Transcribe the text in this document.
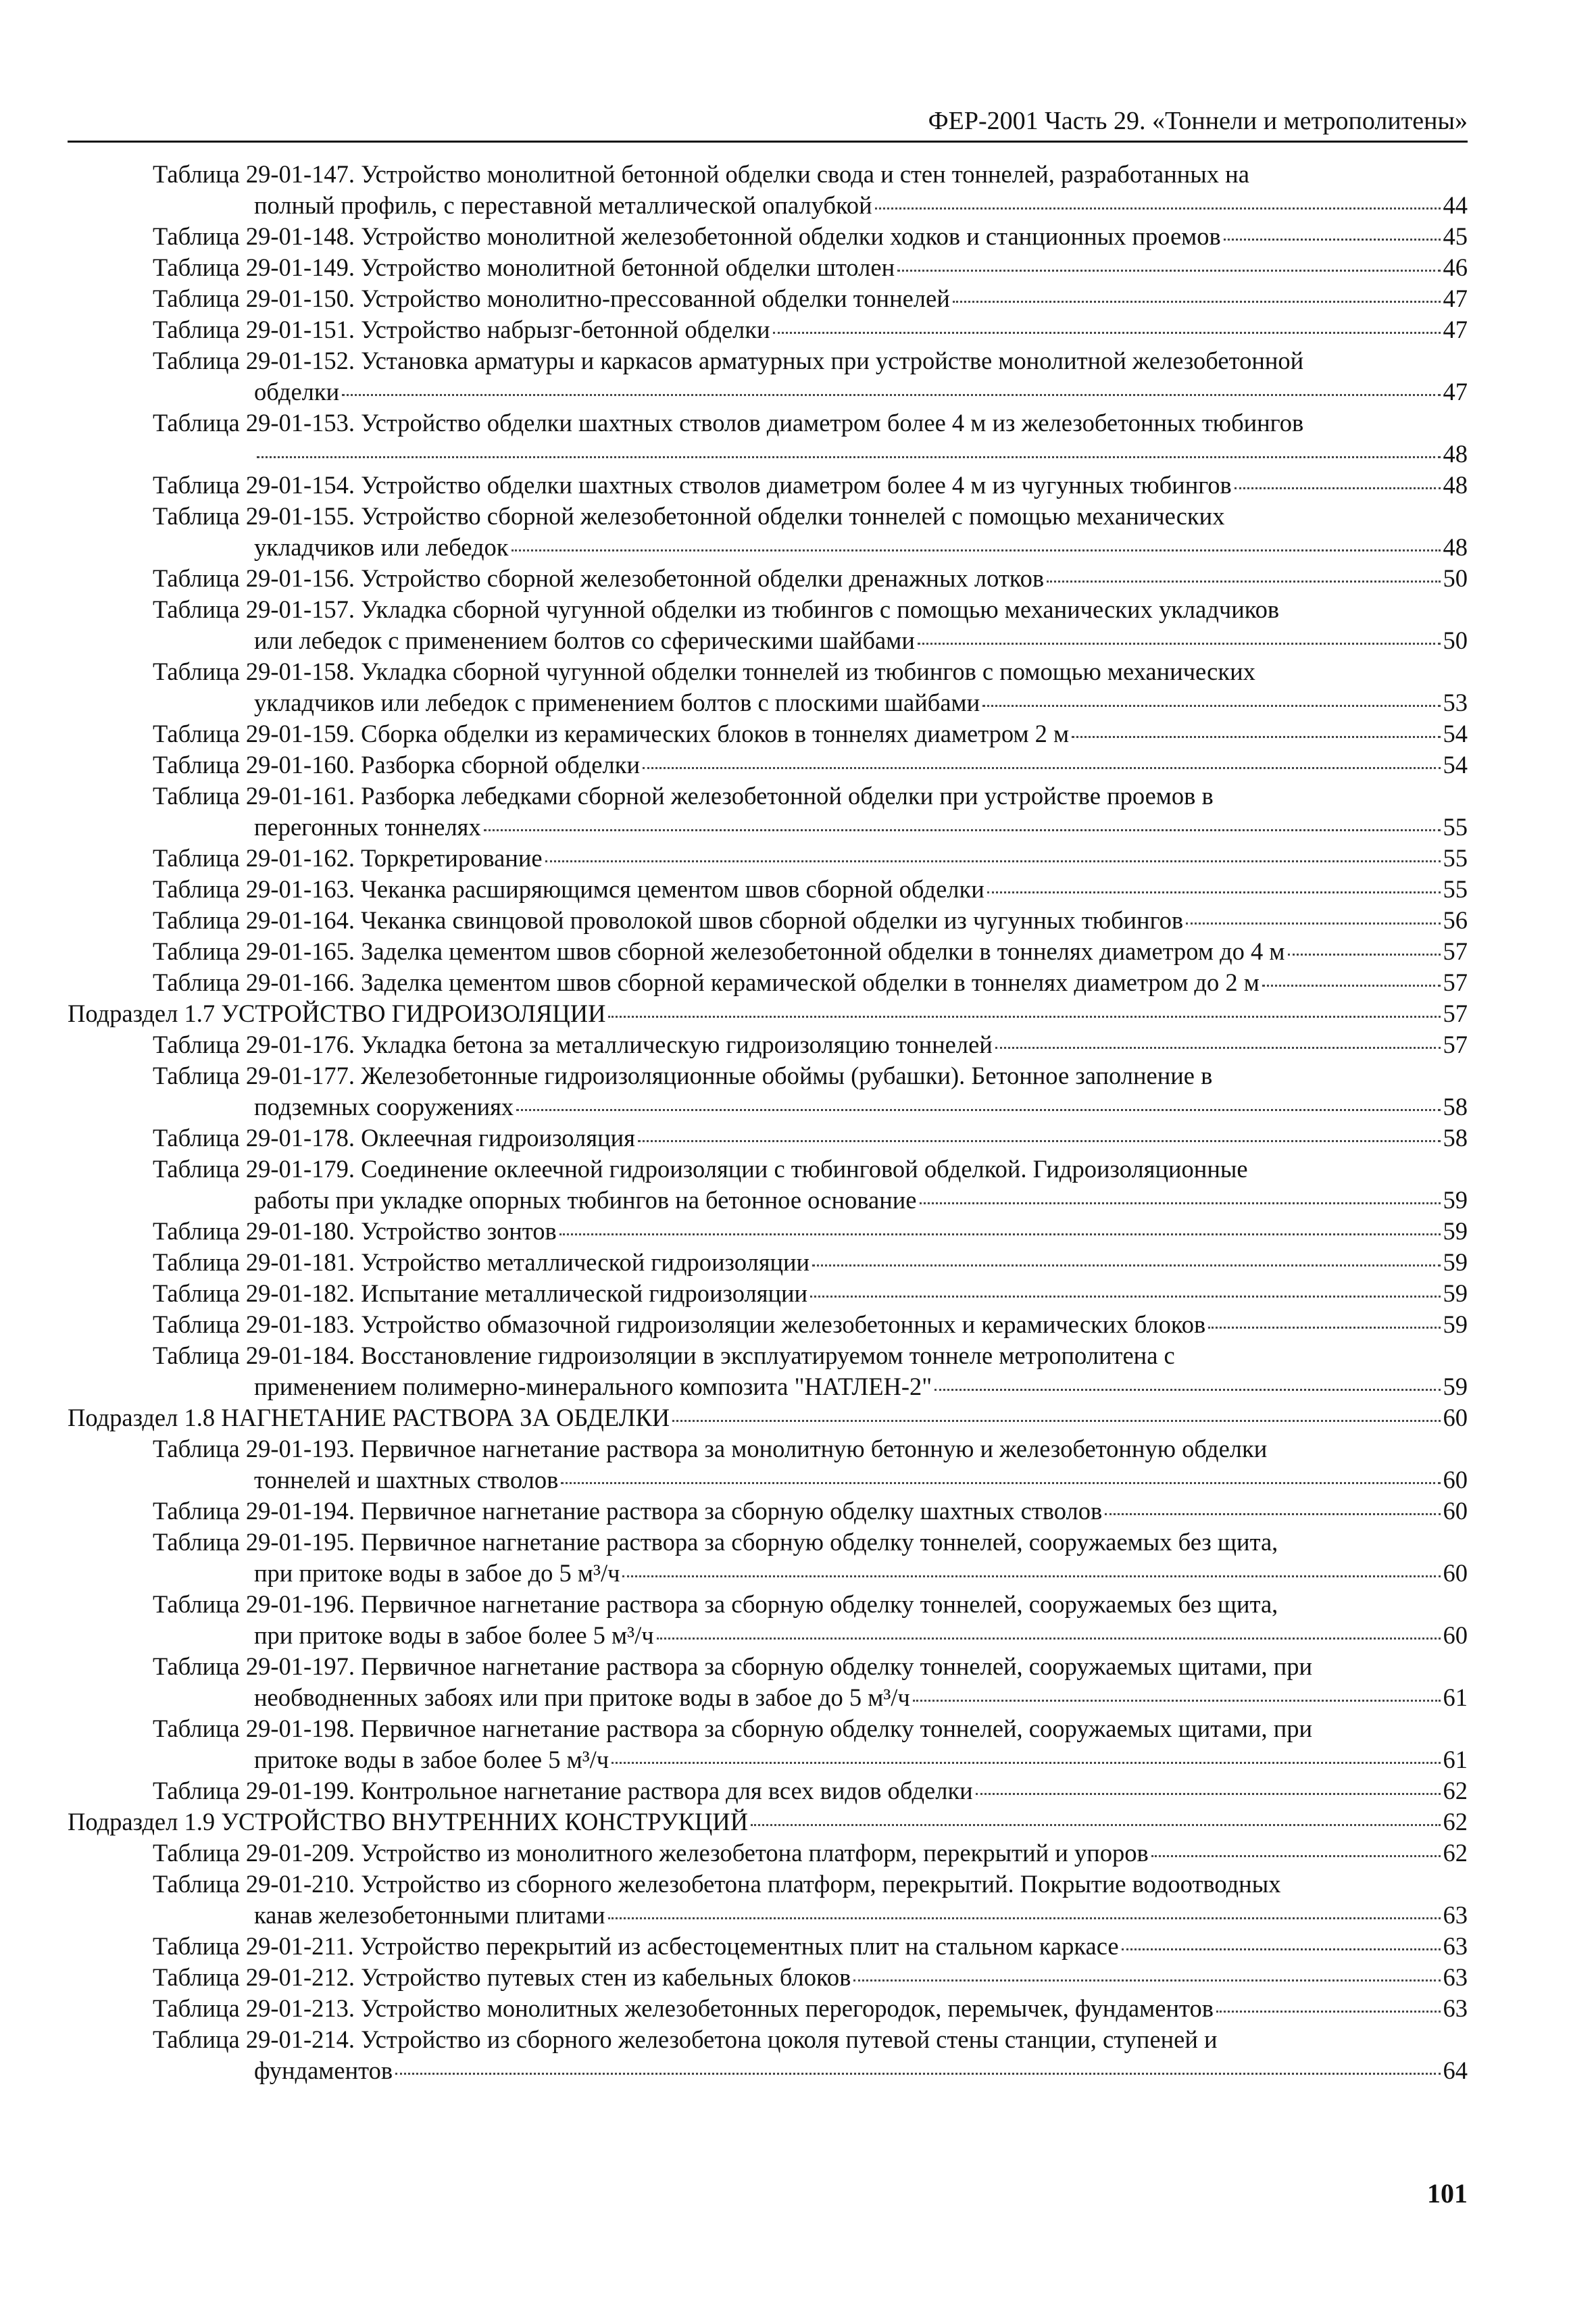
ФЕР-2001 Часть 29. «Тоннели и метрополитены»
Таблица 29-01-147. Устройство монолитной бетонной обделки свода и стен тоннелей, разработанных на
полный профиль, с переставной металлической опалубкой	44
Таблица 29-01-148. Устройство монолитной железобетонной обделки ходков и станционных проемов	45
Таблица 29-01-149. Устройство монолитной бетонной обделки штолен	46
Таблица 29-01-150. Устройство монолитно-прессованной обделки тоннелей	47
Таблица 29-01-151. Устройство набрызг-бетонной обделки	47
Таблица 29-01-152. Установка арматуры и каркасов арматурных при устройстве монолитной железобетонной
обделки	47
Таблица 29-01-153. Устройство обделки шахтных стволов диаметром более 4 м из железобетонных тюбингов
48
Таблица 29-01-154. Устройство обделки шахтных стволов диаметром более 4 м из чугунных тюбингов	48
Таблица 29-01-155. Устройство сборной железобетонной обделки тоннелей с помощью механических
укладчиков или лебедок	48
Таблица 29-01-156. Устройство сборной железобетонной обделки дренажных лотков	50
Таблица 29-01-157. Укладка сборной чугунной обделки из тюбингов с помощью механических укладчиков
или лебедок с применением болтов со сферическими шайбами	50
Таблица 29-01-158. Укладка сборной чугунной обделки тоннелей из тюбингов с помощью механических
укладчиков или лебедок с применением болтов с плоскими шайбами	53
Таблица 29-01-159. Сборка обделки из керамических блоков в тоннелях диаметром 2 м	54
Таблица 29-01-160. Разборка сборной обделки	54
Таблица 29-01-161. Разборка лебедками сборной железобетонной обделки при устройстве проемов в
перегонных тоннелях	55
Таблица 29-01-162. Торкретирование	55
Таблица 29-01-163. Чеканка расширяющимся цементом швов сборной обделки	55
Таблица 29-01-164. Чеканка свинцовой проволокой швов сборной обделки из чугунных тюбингов	56
Таблица 29-01-165. Заделка цементом швов сборной железобетонной обделки в тоннелях диаметром до 4 м	57
Таблица 29-01-166. Заделка цементом швов сборной керамической обделки в тоннелях диаметром до 2 м	57
Подраздел 1.7 УСТРОЙСТВО ГИДРОИЗОЛЯЦИИ	57
Таблица 29-01-176. Укладка бетона за металлическую гидроизоляцию тоннелей	57
Таблица 29-01-177. Железобетонные гидроизоляционные обоймы (рубашки). Бетонное заполнение в
подземных сооружениях	58
Таблица 29-01-178. Оклеечная гидроизоляция	58
Таблица 29-01-179. Соединение оклеечной гидроизоляции с тюбинговой обделкой. Гидроизоляционные
работы при укладке опорных тюбингов на бетонное основание	59
Таблица 29-01-180. Устройство зонтов	59
Таблица 29-01-181. Устройство металлической гидроизоляции	59
Таблица 29-01-182. Испытание металлической гидроизоляции	59
Таблица 29-01-183. Устройство обмазочной гидроизоляции железобетонных и керамических блоков	59
Таблица 29-01-184. Восстановление гидроизоляции в эксплуатируемом тоннеле метрополитена с
применением полимерно-минерального композита "НАТЛЕН-2"	59
Подраздел 1.8 НАГНЕТАНИЕ РАСТВОРА ЗА ОБДЕЛКИ	60
Таблица 29-01-193. Первичное нагнетание раствора за монолитную бетонную и железобетонную обделки
тоннелей и шахтных стволов	60
Таблица 29-01-194. Первичное нагнетание раствора за сборную обделку шахтных стволов	60
Таблица 29-01-195. Первичное нагнетание раствора за сборную обделку тоннелей, сооружаемых без щита,
при притоке воды в забое до 5 м³/ч	60
Таблица 29-01-196. Первичное нагнетание раствора за сборную обделку тоннелей, сооружаемых без щита,
при притоке воды в забое более 5 м³/ч	60
Таблица 29-01-197. Первичное нагнетание раствора за сборную обделку тоннелей, сооружаемых щитами, при
необводненных забоях или при притоке воды в забое до 5 м³/ч	61
Таблица 29-01-198. Первичное нагнетание раствора за сборную обделку тоннелей, сооружаемых щитами, при
притоке воды в забое более 5 м³/ч	61
Таблица 29-01-199. Контрольное нагнетание раствора для всех видов обделки	62
Подраздел 1.9 УСТРОЙСТВО ВНУТРЕННИХ КОНСТРУКЦИЙ	62
Таблица 29-01-209. Устройство из монолитного железобетона платформ, перекрытий и упоров	62
Таблица 29-01-210. Устройство из сборного железобетона платформ, перекрытий. Покрытие водоотводных
канав железобетонными плитами	63
Таблица 29-01-211. Устройство перекрытий из асбестоцементных плит на стальном каркасе	63
Таблица 29-01-212. Устройство путевых стен из кабельных блоков	63
Таблица 29-01-213. Устройство монолитных железобетонных перегородок, перемычек, фундаментов	63
Таблица 29-01-214. Устройство из сборного железобетона цоколя путевой стены станции, ступеней и
фундаментов	64
101
